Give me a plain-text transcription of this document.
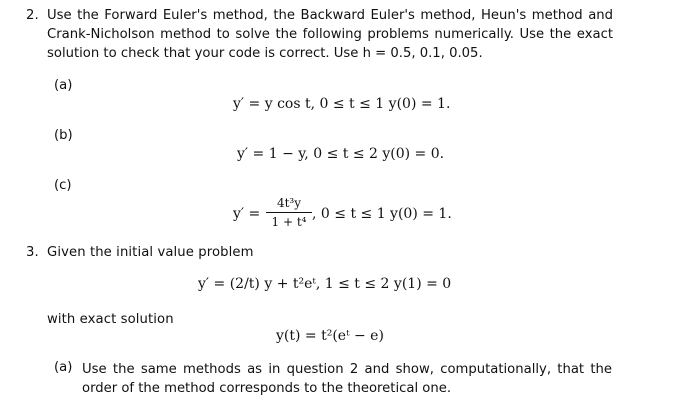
2. Use the Forward Euler's method, the Backward Euler's method, Heun's method and Crank-Nicholson method to solve the following problems numerically. Use the exact solution to check that your code is correct. Use h = 0.5, 0.1, 0.05.
(a)
y′ = y cos t, 0 ≤ t ≤ 1 y(0) = 1.
(b)
y′ = 1 − y, 0 ≤ t ≤ 2 y(0) = 0.
(c)
y′ =
4t³y
1 + t⁴ , 0 ≤ t ≤ 1 y(0) = 1.
3. Given the initial value problem
y′ = (2/t) y + t²eᵗ, 1 ≤ t ≤ 2 y(1) = 0
with exact solution
y(t) = t²(eᵗ − e)
(a) Use the same methods as in question 2 and show, computationally, that the order of the method corresponds to the theoretical one.
